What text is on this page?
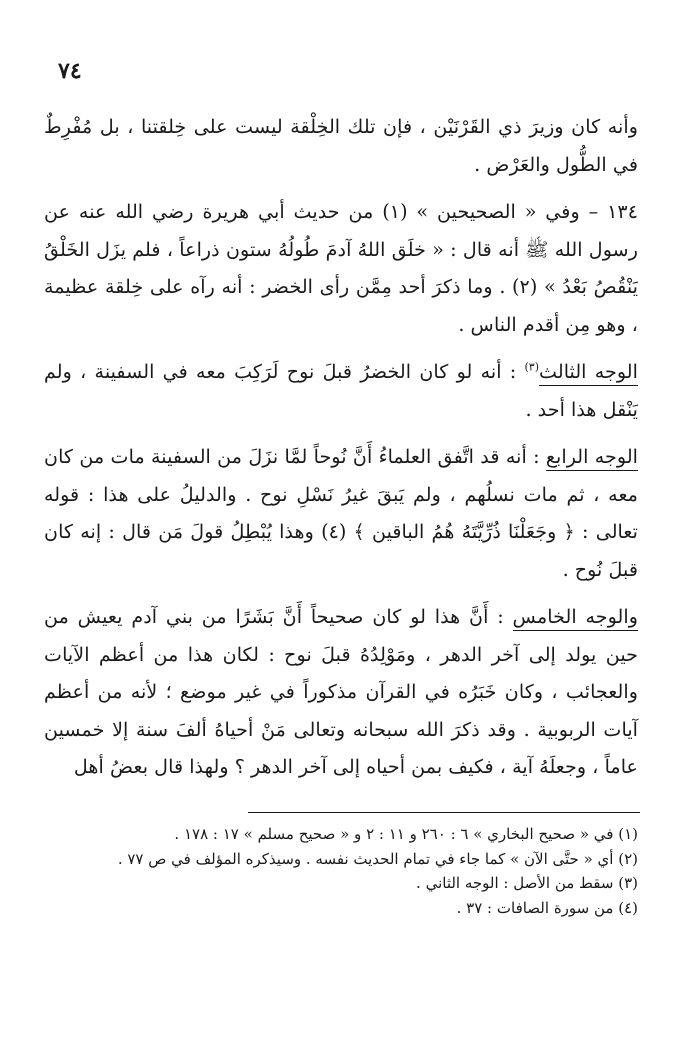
٧٤

وأنه كان وزيرَ ذي القَرْنَيْن ، فإن تلك الخِلْقة ليست على خِلقتنا ، بل مُفْرِطٌ في الطُّول والعَرْض .

١٣٤ – وفي « الصحيحين » (١) من حديث أبي هريرة رضي الله عنه عن رسول الله ﷺ أنه قال : « خلَق اللهُ آدمَ طُولُهُ ستون ذراعاً ، فلم يزَل الخَلْقُ يَنْقُصُ بَعْدُ » (٢) . وما ذكرَ أحد مِمَّن رأى الخضر : أنه رآه على خِلقة عظيمة ، وهو مِن أقدم الناس .

الوجه الثالث$^{(٣)}$ : أنه لو كان الخضرُ قبلَ نوح لَرَكِبَ معه في السفينة ، ولم يَنْقل هذا أحد .

الوجه الرابع : أنه قد اتَّفق العلماءُ أَنَّ نُوحاً لمَّا نزَلَ من السفينة مات من كان معه ، ثم مات نسلُهم ، ولم يَبقَ غيرُ نَسْلِ نوح . والدليلُ على هذا : قوله تعالى : ﴿ وجَعَلْنَا ذُرِّيَّتَهُ هُمُ الباقين ﴾ (٤) وهذا يُبْطِلُ قولَ مَن قال : إنه كان قبلَ نُوح .

والوجه الخامس : أَنَّ هذا لو كان صحيحاً أَنَّ بَشَرًا من بني آدم يعيش من حين يولد إلى آخر الدهر ، ومَوْلِدُهُ قبلَ نوح : لكان هذا من أعظم الآيات والعجائب ، وكان خَبَرُه في القرآن مذكوراً في غير موضع ؛ لأنه من أعظم آيات الربوبية . وقد ذكرَ الله سبحانه وتعالى مَنْ أحياهُ ألفَ سنة إلا خمسين عاماً ، وجعلَهُ آية ، فكيف بمن أحياه إلى آخر الدهر ؟ ولهذا قال بعضُ أهل

(١) في « صحيح البخاري » ٦ : ٢٦٠ و ١١ : ٢ و « صحيح مسلم » ١٧ : ١٧٨ .
(٢) أي « حتَّى الآن » كما جاء في تمام الحديث نفسه . وسيذكره المؤلف في ص ٧٧ .
(٣) سقط من الأصل : الوجه الثاني .
(٤) من سورة الصافات : ٣٧ .
